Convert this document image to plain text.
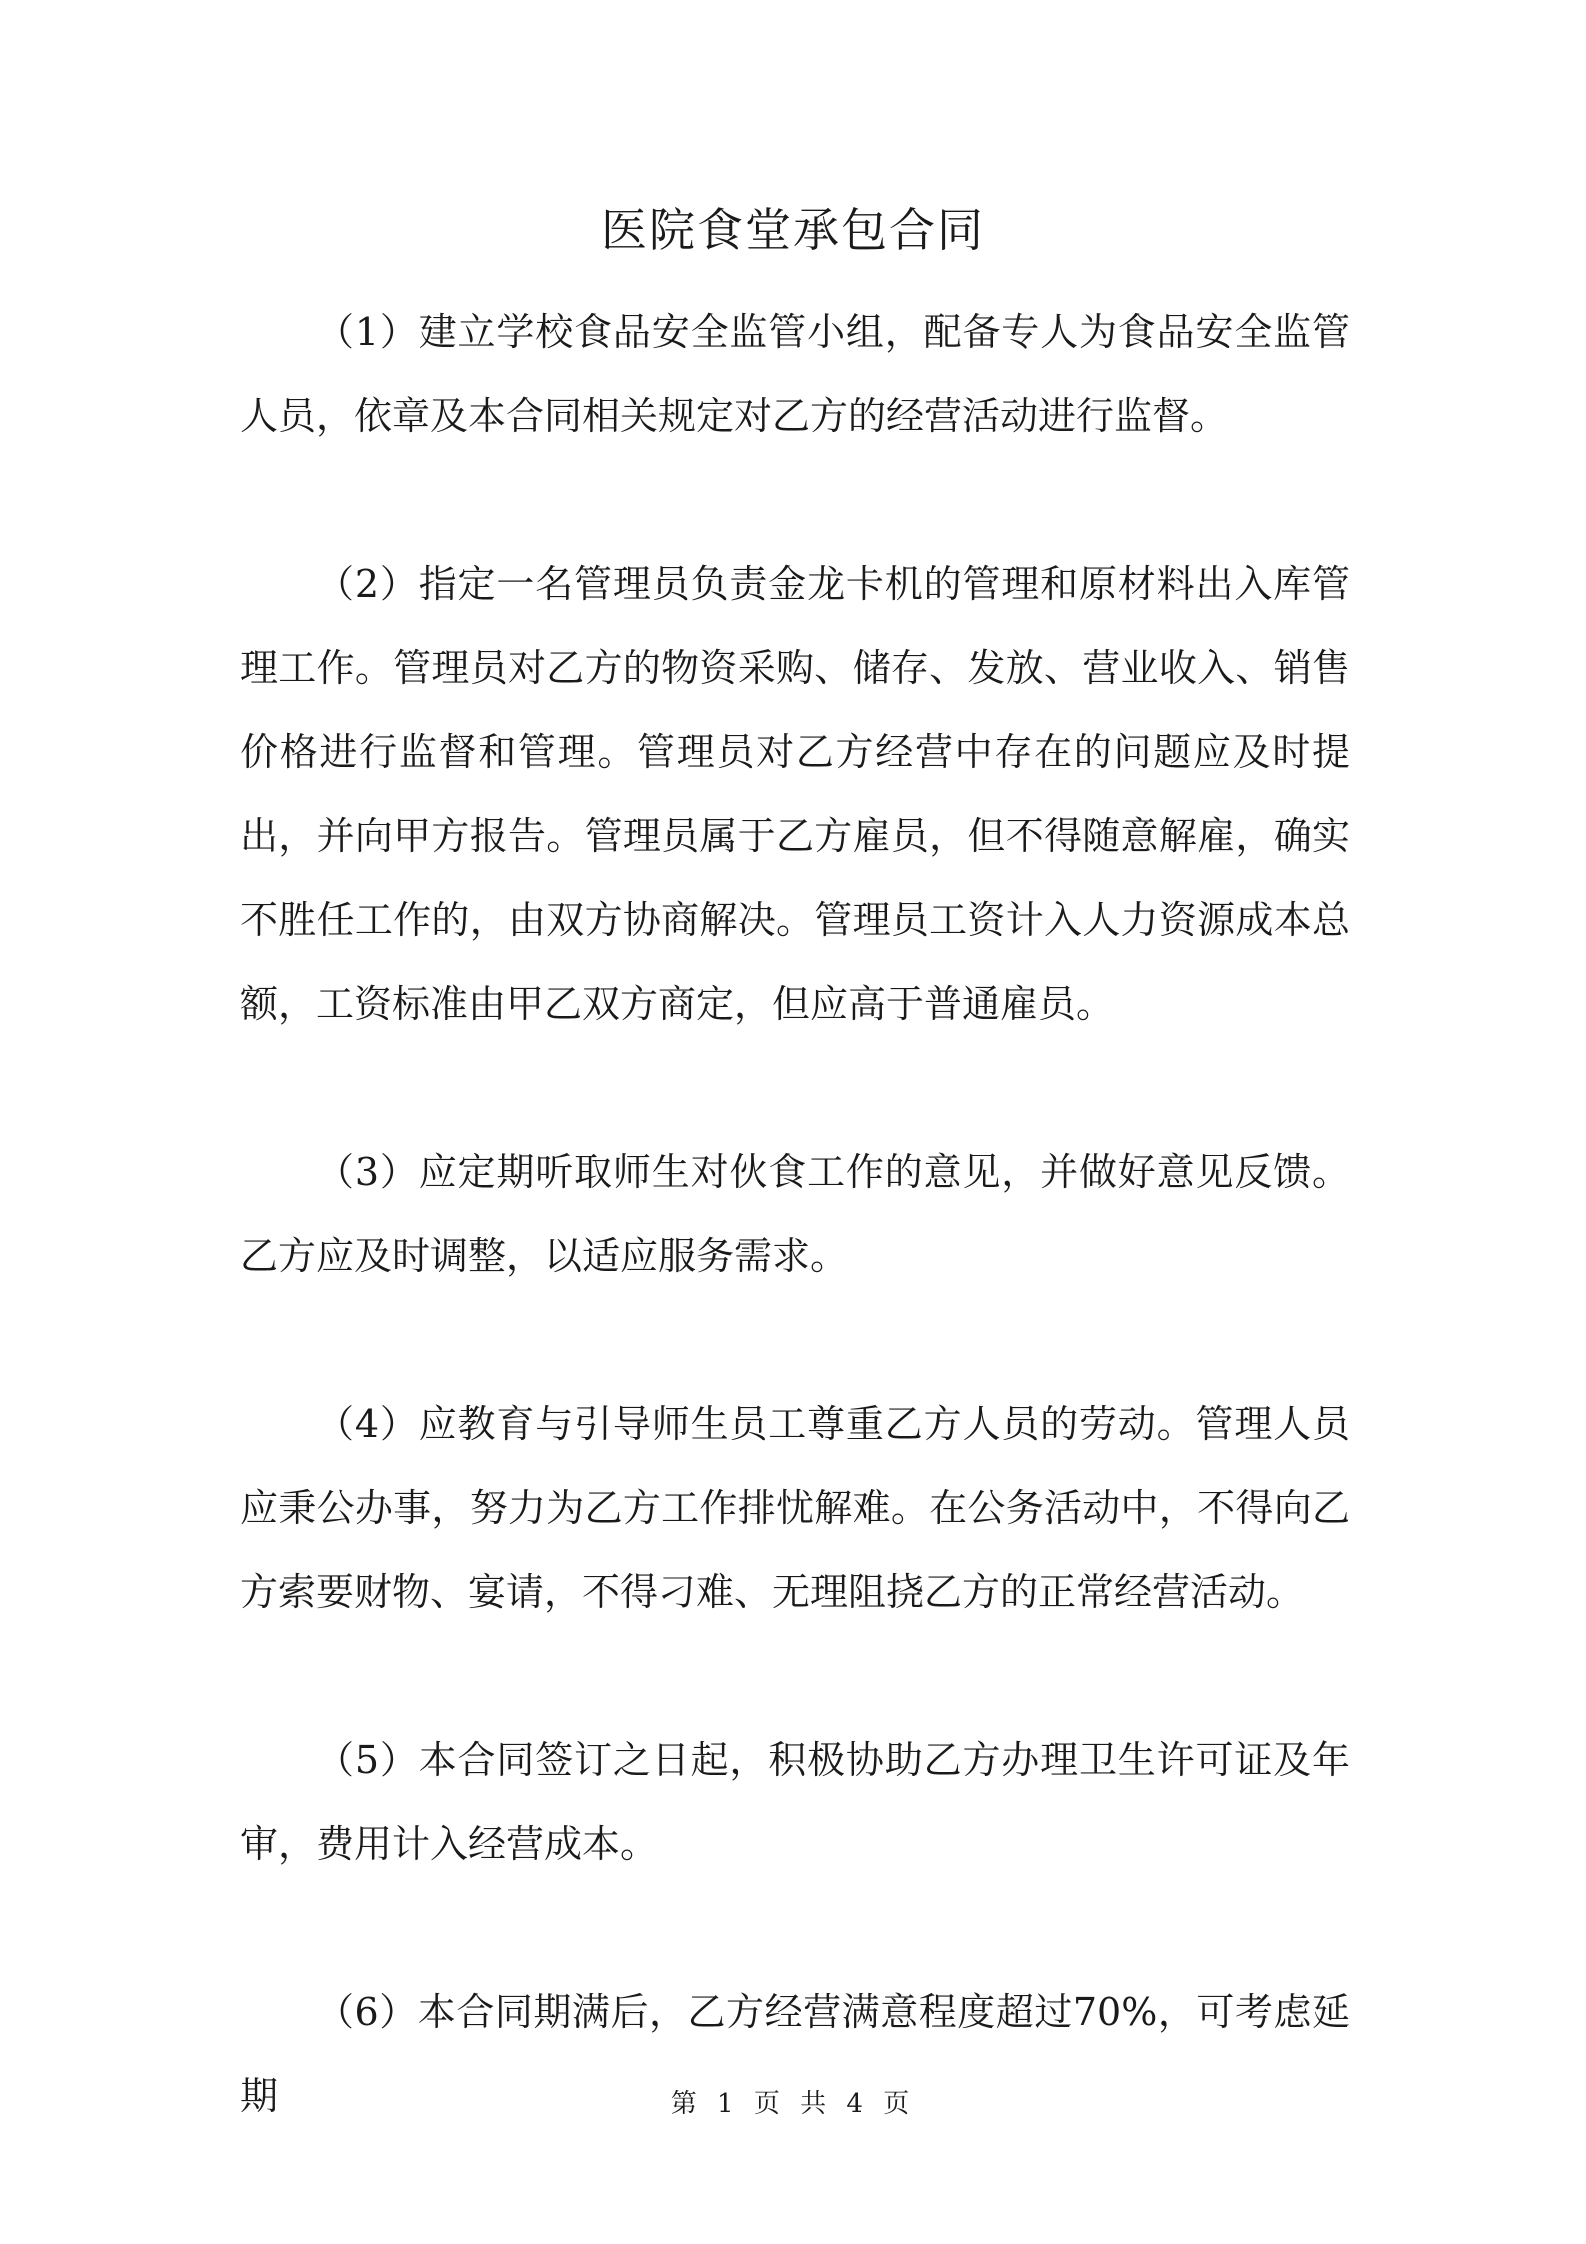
医院食堂承包合同

（1）建立学校食品安全监管小组，配备专人为食品安全监管人员，依章及本合同相关规定对乙方的经营活动进行监督。

（2）指定一名管理员负责金龙卡机的管理和原材料出入库管理工作。管理员对乙方的物资采购、储存、发放、营业收入、销售价格进行监督和管理。管理员对乙方经营中存在的问题应及时提出，并向甲方报告。管理员属于乙方雇员，但不得随意解雇，确实不胜任工作的，由双方协商解决。管理员工资计入人力资源成本总额，工资标准由甲乙双方商定，但应高于普通雇员。

（3）应定期听取师生对伙食工作的意见，并做好意见反馈。乙方应及时调整，以适应服务需求。

（4）应教育与引导师生员工尊重乙方人员的劳动。管理人员应秉公办事，努力为乙方工作排忧解难。在公务活动中，不得向乙方索要财物、宴请，不得刁难、无理阻挠乙方的正常经营活动。

（5）本合同签订之日起，积极协助乙方办理卫生许可证及年审，费用计入经营成本。

（6）本合同期满后，乙方经营满意程度超过70%，可考虑延期	第 1 页 共 4 页
